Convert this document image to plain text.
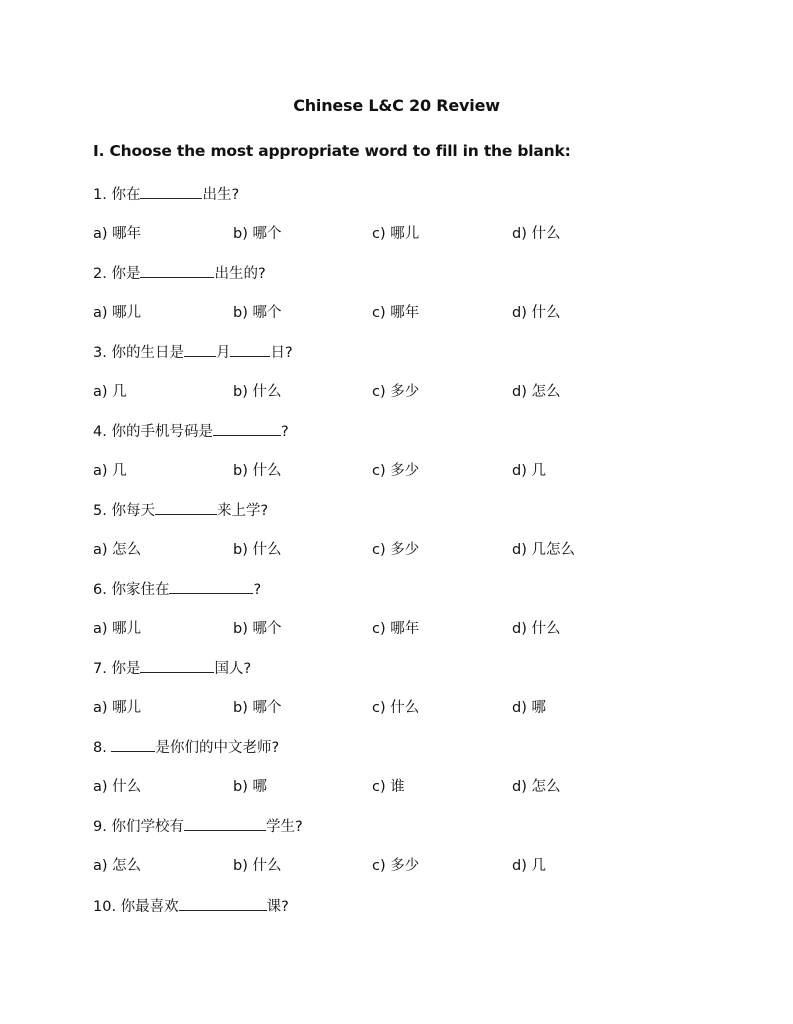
Chinese L&C 20 Review
I. Choose the most appropriate word to fill in the blank:
1. 你在	出生?
a) 哪年	b) 哪个	c) 哪儿	d) 什么
2. 你是	出生的?
a) 哪儿	b) 哪个	c) 哪年	d) 什么
3. 你的生日是 月	日?
a) 几	b) 什么	c) 多少	d) 怎么
4. 你的手机号码是	?
a) 几	b) 什么	c) 多少	d) 几
5. 你每天	来上学?
a) 怎么	b) 什么	c) 多少	d) 几怎么
6. 你家住在	?
a) 哪儿	b) 哪个	c) 哪年	d) 什么
7. 你是	国人?
a) 哪儿	b) 哪个	c) 什么	d) 哪
8.	是你们的中文老师?
a) 什么	b) 哪	c) 谁	d) 怎么
9. 你们学校有	学生?
a) 怎么	b) 什么	c) 多少	d) 几
10. 你最喜欢	课?
